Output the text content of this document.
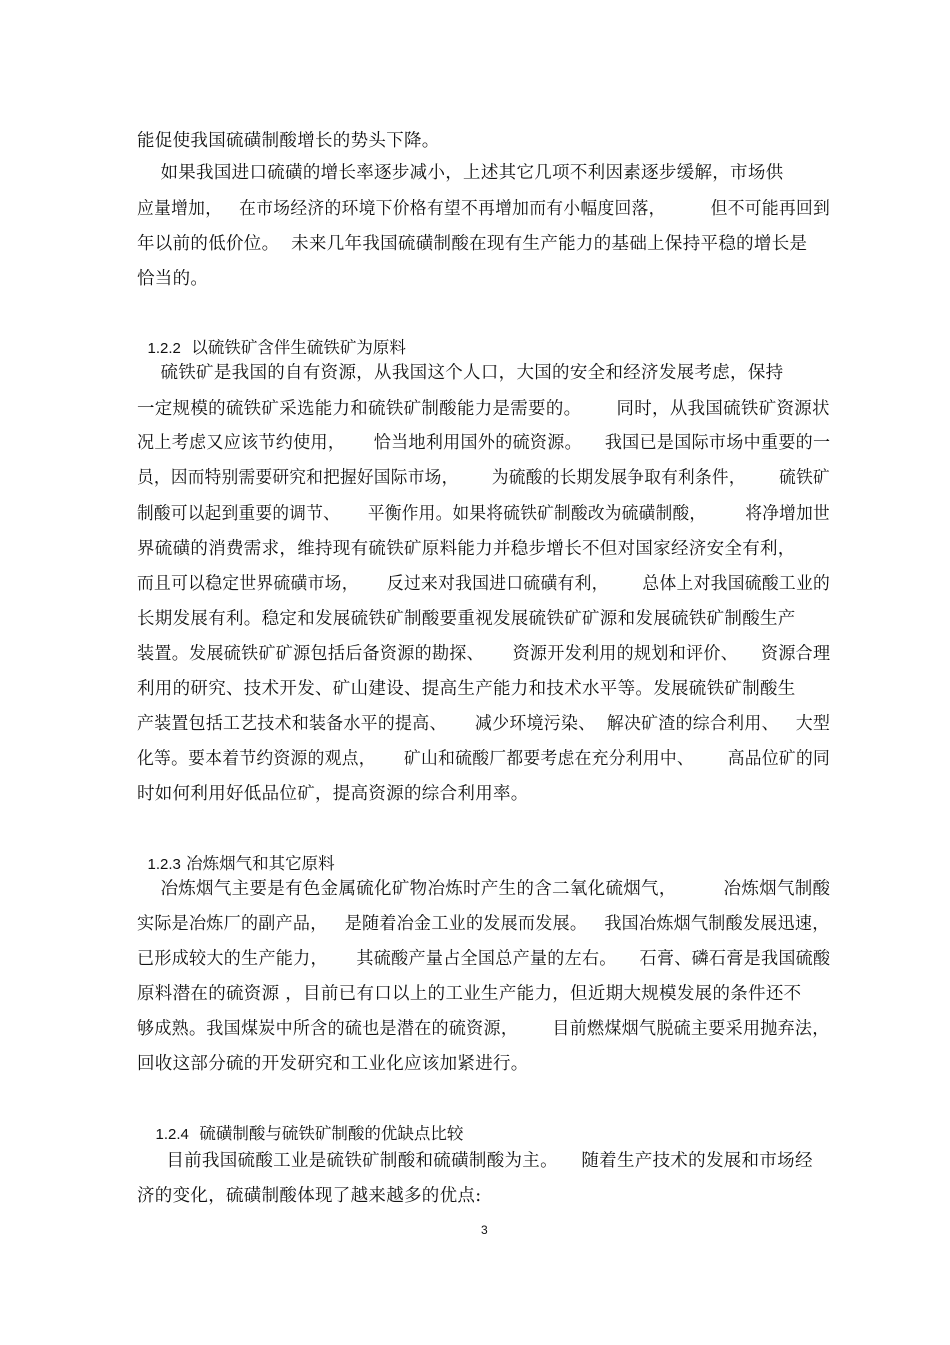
能促使我国硫磺制酸增长的势头下降。
如果我国进口硫磺的增长率逐步减小，上述其它几项不利因素逐步缓解，市场供
应量增加，   在市场经济的环境下价格有望不再增加而有小幅度回落，        但不可能再回到
年以前的低价位。  未来几年我国硫磺制酸在现有生产能力的基础上保持平稳的增长是
恰当的。

1.2.2  以硫铁矿含伴生硫铁矿为原料

硫铁矿是我国的自有资源，从我国这个人口，大国的安全和经济发展考虑，保持
一定规模的硫铁矿采选能力和硫铁矿制酸能力是需要的。      同时，从我国硫铁矿资源状
况上考虑又应该节约使用，     恰当地利用国外的硫资源。    我国已是国际市场中重要的一
员，因而特别需要研究和把握好国际市场，      为硫酸的长期发展争取有利条件，      硫铁矿
制酸可以起到重要的调节、     平衡作用。如果将硫铁矿制酸改为硫磺制酸，       将净增加世
界硫磺的消费需求，维持现有硫铁矿原料能力并稳步增长不但对国家经济安全有利，
而且可以稳定世界硫磺市场，     反过来对我国进口硫磺有利，      总体上对我国硫酸工业的
长期发展有利。稳定和发展硫铁矿制酸要重视发展硫铁矿矿源和发展硫铁矿制酸生产
装置。发展硫铁矿矿源包括后备资源的勘探、     资源开发利用的规划和评价、    资源合理
利用的研究、技术开发、矿山建设、提高生产能力和技术水平等。发展硫铁矿制酸生
产装置包括工艺技术和装备水平的提高、     减少环境污染、  解决矿渣的综合利用、   大型
化等。要本着节约资源的观点，     矿山和硫酸厂都要考虑在充分利用中、      高品位矿的同
时如何利用好低品位矿，提高资源的综合利用率。

1.2.3 冶炼烟气和其它原料

冶炼烟气主要是有色金属硫化矿物冶炼时产生的含二氧化硫烟气，        冶炼烟气制酸
实际是冶炼厂的副产品，   是随着冶金工业的发展而发展。   我国冶炼烟气制酸发展迅速，
已形成较大的生产能力，     其硫酸产量占全国总产量的左右。    石膏、磷石膏是我国硫酸
原料潜在的硫资源 ，目前已有口以上的工业生产能力，但近期大规模发展的条件还不
够成熟。我国煤炭中所含的硫也是潜在的硫资源，      目前燃煤烟气脱硫主要采用抛弃法，
回收这部分硫的开发研究和工业化应该加紧进行。

1.2.4  硫磺制酸与硫铁矿制酸的优缺点比较

目前我国硫酸工业是硫铁矿制酸和硫磺制酸为主。    随着生产技术的发展和市场经
济的变化，硫磺制酸体现了越来越多的优点:
3
